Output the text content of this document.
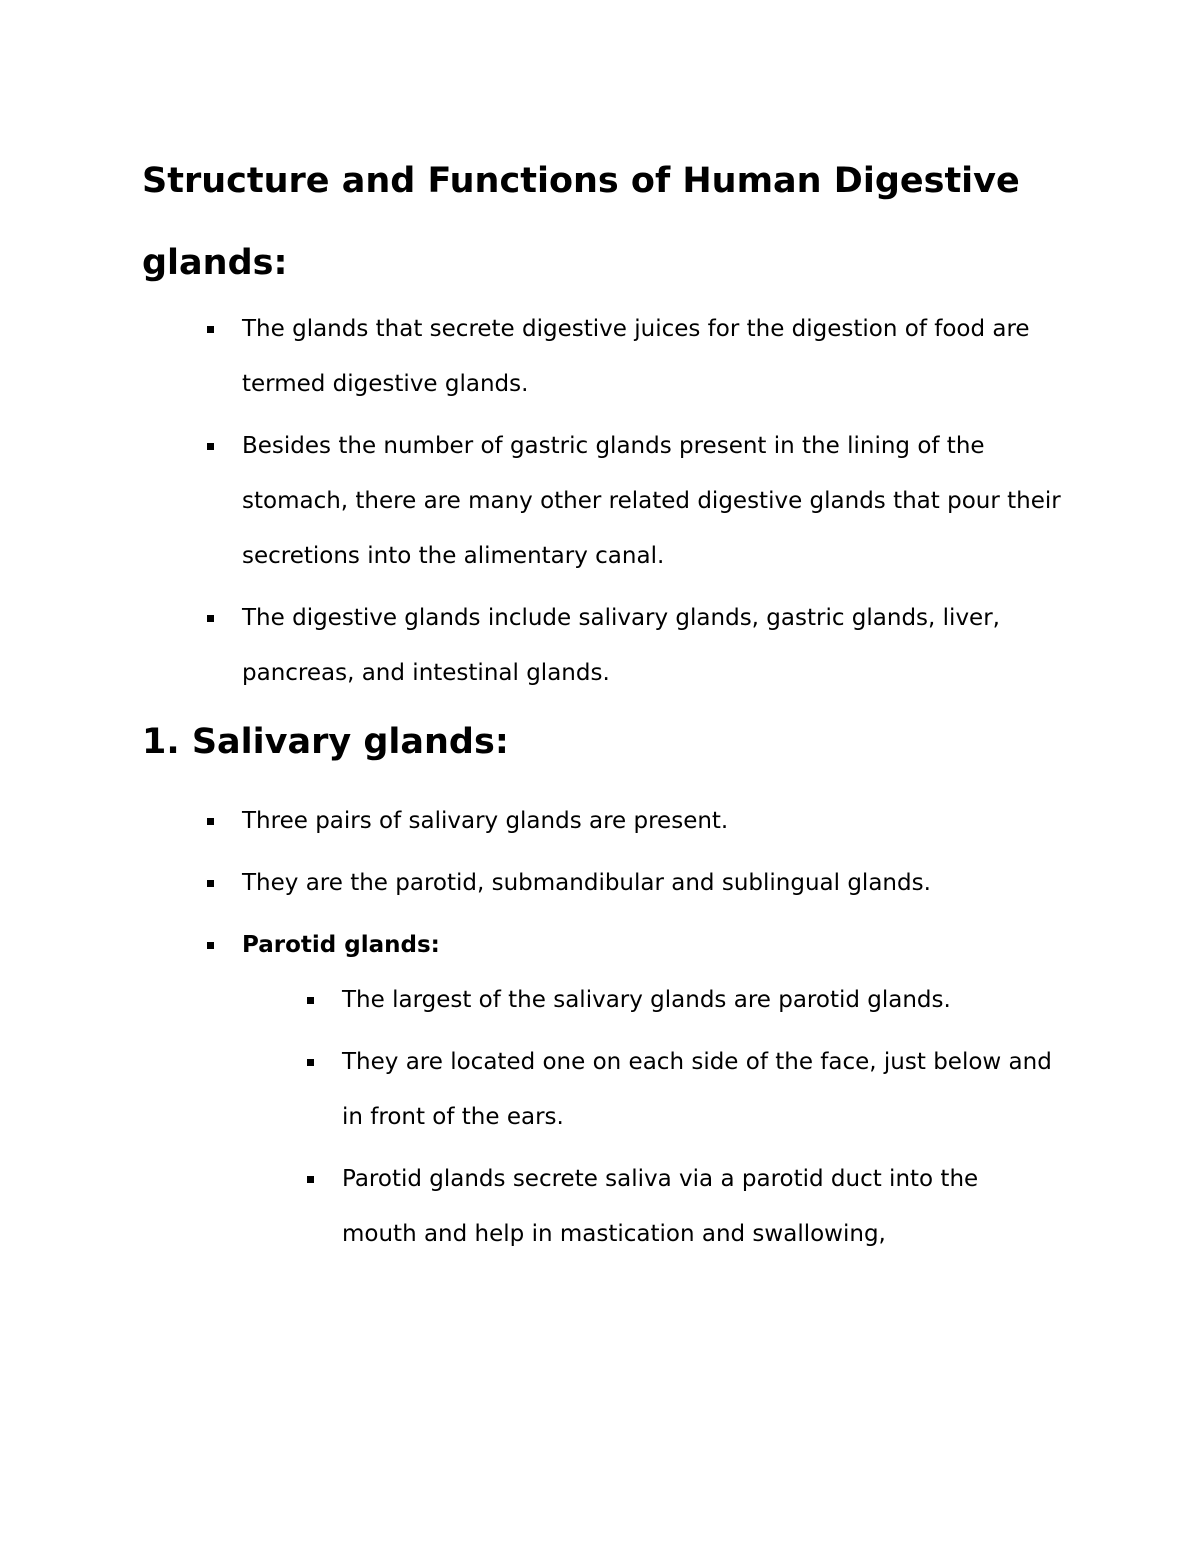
Structure and Functions of Human Digestive glands:
The glands that secrete digestive juices for the digestion of food are termed digestive glands.
Besides the number of gastric glands present in the lining of the stomach, there are many other related digestive glands that pour their secretions into the alimentary canal.
The digestive glands include salivary glands, gastric glands, liver, pancreas, and intestinal glands.
1. Salivary glands:
Three pairs of salivary glands are present.
They are the parotid, submandibular and sublingual glands.
Parotid glands:
The largest of the salivary glands are parotid glands.
They are located one on each side of the face, just below and in front of the ears.
Parotid glands secrete saliva via a parotid duct into the mouth and help in mastication and swallowing,
